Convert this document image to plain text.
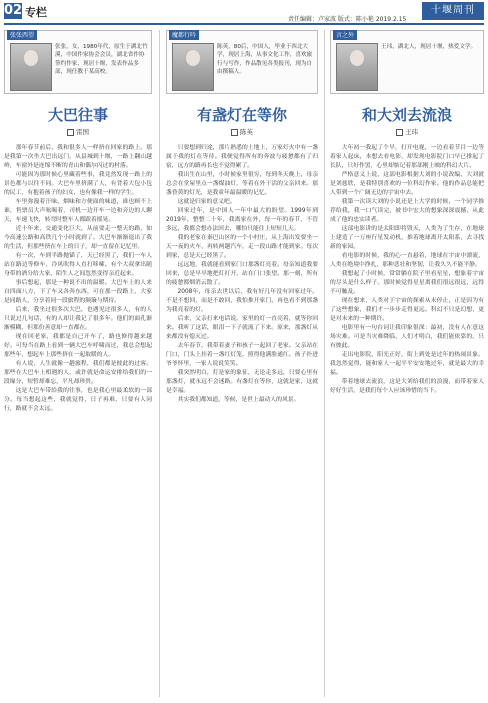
02 专栏
责任编辑：卢家波 版式：陈小艳 2019.2.15
十堰周刊
张张西望
张张，女，1980年代，原生于湖北竹溪，中国作家协会会员，湖北省作协签约作家，现居十堰，发表作品多部，现任教于某高校。
大巴往事
雷国

那年春节前后，我和很多人一样挤在回家的路上。那是我第一次坐大巴出远门，从县城到十堰，一路上翻山越岭，车窗外是连绵不断的青山和偶尔闪过的村落。

可能因为那时候心里藏着些事，我竟然发现一路上的景色都与以往不同。大巴车里挤满了人，有背着大包小包的民工，有抱着孩子的妇女，也有像我一样的学生。

车里弥漫着汗味、烟味和方便面的味道，谁也顾不上谁，售票员大声吆喝着，司机一边开车一边和旁边的人聊天，车速飞快，转弯时整车人都跟着摇晃。

近十年来，交通变化巨大，从前要走一整天的路，如今高速公路和高铁几个小时就到了。大巴车渐渐退出了我的生活，但那些挤在车上的日子，却一直留在记忆里。

有一次，车到半路抛锚了，天已经黑了，我们一车人站在路边等修车，冷风吹得人直打哆嗦。有个大叔拿出随身带的酒分给大家，陌生人之间忽然变得亲近起来。

事后想起，那是一种说不出的温暖。大巴车上的人来自四面八方，下了车又各奔东西，可在那一段路上，大家是同路人，分享着同一段旅程的颠簸与期待。

后来，我坐过很多次大巴，也遇见过很多人，有的人只说过几句话，有的人却让我记了很多年。他们的面孔渐渐模糊，但那份善意却一直都在。

现在回老家，我都是自己开车了，路也修得越来越好。可每当在路上看到一辆大巴车呼啸而过，我总会想起那些年，想起车上那些挤在一起取暖的人。

有人说，人生就像一趟旅程，我们都是彼此的过客。那些在大巴车上相遇的人，或许就是命运安排给我们的一段缘分，短暂却难忘，平凡却珍贵。

这是大巴车带给我的往事，也是我心里最柔软的一部分。每当想起这些，我就觉得，日子再难，只要有人同行，路就不会太远。

魔都行吟
陈英，80后，中国人，毕业于西北大学，现居上海，从事文化工作，喜欢旅行与写作，作品散见各类报刊，现为自由撰稿人。
有盏灯在等你
陈英

只要想到归途，那片熟悉的土地上，万家灯火中有一盏属于我的灯在等待。我便觉得所有的奔波与疲惫都有了归宿，远方的路再长也不觉得累了。

我出生在山里，小时候家里很穷，每到冬天晚上，母亲总会在堂屋里点一盏煤油灯，等着在外干活的父亲回来。那盏昏黄的灯光，是我童年最温暖的记忆。

这就是归家的意义吧。

回家过年，是中国人一年中最大的盼望。1999年到2019年，整整二十年，我离家在外，每一年的春节，不管多远，我都会想办法回去，哪怕只能住上短短几天。

我的老家在秦巴山区的一个小村庄，从上海出发要坐一天一夜的火车，再转两趟汽车，走一段山路才能到家。每次到家，总是天已经黑了。

远远地，我就能看到家门口那盏灯亮着。母亲知道我要回来，总是早早地把灯打开，站在门口张望。那一刻，所有的疲惫都烟消云散了。

2008年，母亲去世以后，我有好几年没有回家过年。不是不想回，而是不敢回，我怕推开家门，再也看不到那盏为我亮着的灯。

后来，父亲打来电话说，家里的灯一直亮着，就等你回来。我听了这话，眼泪一下子就流了下来。原来，那盏灯从来都没有熄灭过。

去年春节，我带着妻子和孩子一起回了老家。父亲站在门口，门头上挂着一盏红灯笼，照得他满脸通红。孩子扑进爷爷怀里，一家人说说笑笑。

我突然明白，灯是家的象征，无论走多远，只要心里有那盏灯，就永远不会迷路。有盏灯在等你，这就是家，这就是幸福。

其实我们都知道，等候，是世上最动人的风景。

言之外
王玮，湖北人，现居十堰，热爱文学。
和大刘去流浪
王玮

大年初一我起了个早，打开电视，一边看着节目一边等着家人起床，本想去看电影，却发现电影院门口早已排起了长队，只好作罢，心里却惦记着那部刚上映的科幻大片。

严格意义上说，这部电影根据大刘的小说改编，大刘就是刘慈欣，是我特别喜欢的一位科幻作家。他的作品总能把人带到一个广阔无边的宇宙中去。

我第一次读大刘的小说还是上大学的时候，一个同学推荐给我，我一口气读完，被书中宏大的想象深深震撼，从此成了他的忠实读者。

这部电影讲的是太阳即将毁灭，人类为了生存，在地球上建造了一万座行星发动机，推着地球离开太阳系，去寻找新的家园。

看电影的时候，我的心一直悬着，地球在宇宙中漂流，人类在绝境中挣扎，那种悲壮和坚韧，让我久久不能平静。

我想起了小时候，常常躺在院子里看星星，想象着宇宙的尽头是什么样子。那时候觉得星星离我们很远很远，远得不可触及。

现在想来，人类对于宇宙的探索从未停止，正是因为有了这些想象，我们才一步步走得更远。科幻不只是幻想，更是对未来的一种期许。

电影里有一句台词让我印象很深：最初，没有人在意这场灾难。可是当灾难降临，人们才明白，我们能依靠的，只有彼此。

走出电影院，阳光正好，街上到处是过年的热闹景象。我忽然觉得，能和家人一起平平安安地过年，就是最大的幸福。

带着地球去流浪，这是大刘给我们的浪漫，而带着家人好好生活，是我们每个人应该珍惜的当下。
